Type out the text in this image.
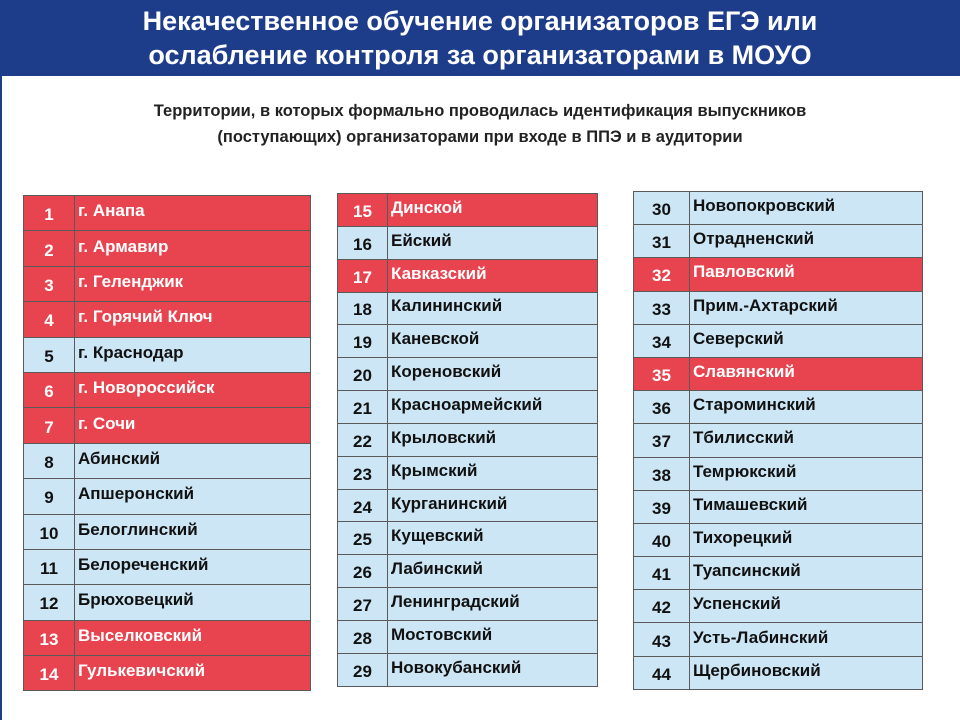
Некачественное обучение организаторов ЕГЭ или
ослабление контроля за организаторами в МОУО
Территории, в которых формально проводилась идентификация выпускников
(поступающих) организаторами при входе в ППЭ и в аудитории
1	г. Анапа
2	г. Армавир
3	г. Геленджик
4	г. Горячий Ключ
5	г. Краснодар
6	г. Новороссийск
7	г. Сочи
8	Абинский
9	Апшеронский
10	Белоглинский
11	Белореченский
12	Брюховецкий
13	Выселковский
14	Гулькевичский
15	Динской
16	Ейский
17	Кавказский
18	Калининский
19	Каневской
20	Кореновский
21	Красноармейский
22	Крыловский
23	Крымский
24	Курганинский
25	Кущевский
26	Лабинский
27	Ленинградский
28	Мостовский
29	Новокубанский
30	Новопокровский
31	Отрадненский
32	Павловский
33	Прим.-Ахтарский
34	Северский
35	Славянский
36	Староминский
37	Тбилисский
38	Темрюкский
39	Тимашевский
40	Тихорецкий
41	Туапсинский
42	Успенский
43	Усть-Лабинский
44	Щербиновский
